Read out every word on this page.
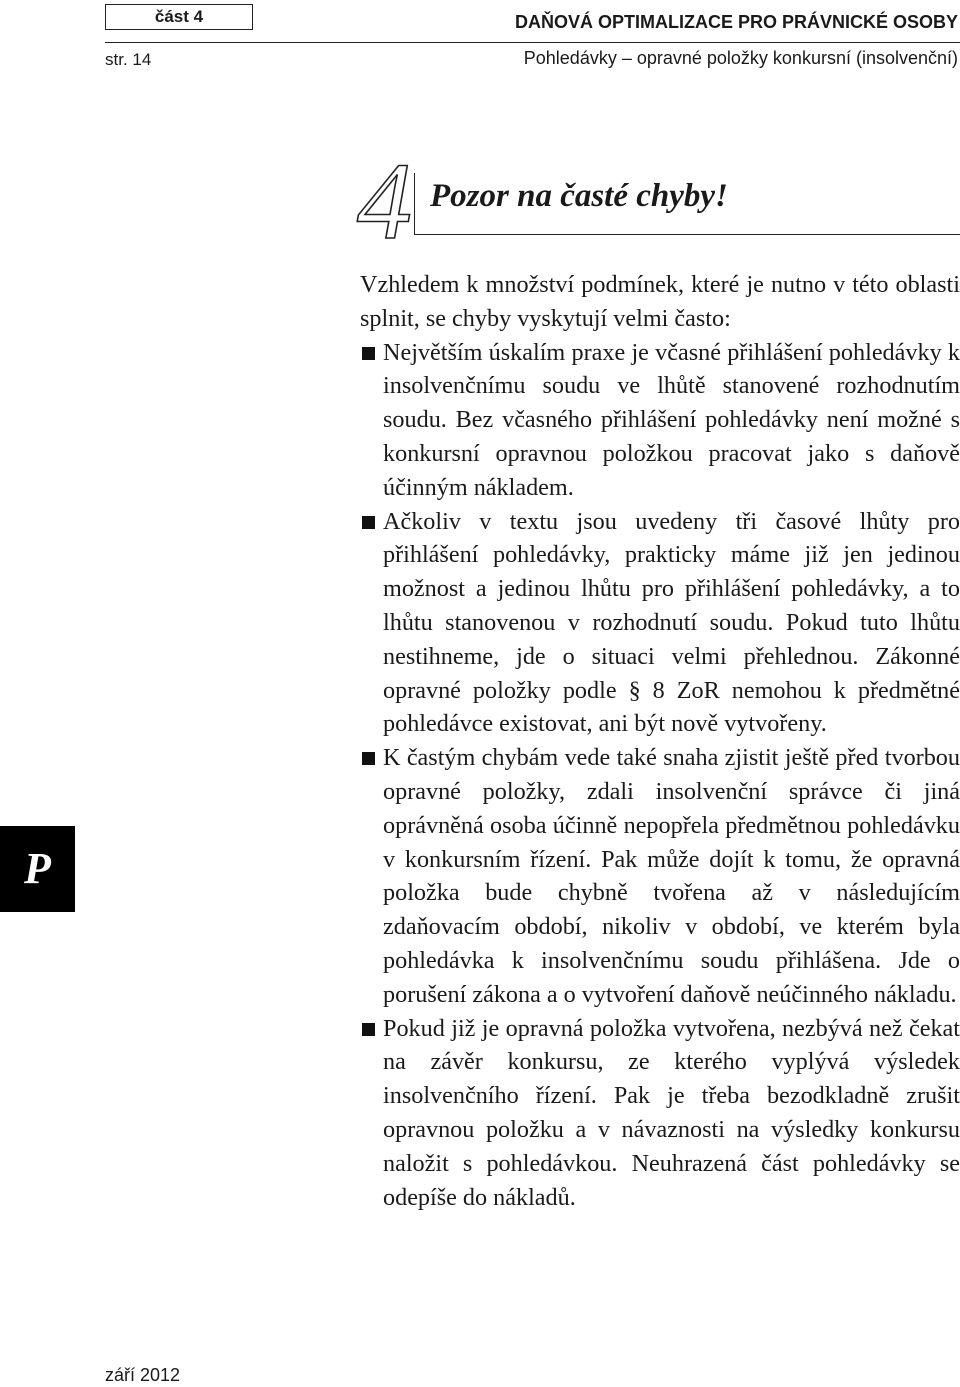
část 4
str. 14
DAŇOVÁ OPTIMALIZACE PRO PRÁVNICKÉ OSOBY
Pohledávky – opravné položky konkursní (insolvenční)
4 Pozor na časté chyby!

Vzhledem k množství podmínek, které je nutno v této oblasti splnit, se chyby vyskytují velmi často:

Největším úskalím praxe je včasné přihlášení pohledávky k insolvenčnímu soudu ve lhůtě stanovené rozhodnutím soudu. Bez včasného přihlášení pohledávky není možné s konkursní opravnou položkou pracovat jako s daňově účinným nákladem.

Ačkoliv v textu jsou uvedeny tři časové lhůty pro přihlášení pohledávky, prakticky máme již jen jedinou možnost a jedinou lhůtu pro přihlášení pohledávky, a to lhůtu stanovenou v rozhodnutí soudu. Pokud tuto lhůtu nestihneme, jde o situaci velmi přehlednou. Zákonné opravné položky podle § 8 ZoR nemohou k předmětné pohledávce existovat, ani být nově vytvořeny.

K častým chybám vede také snaha zjistit ještě před tvorbou opravné položky, zdali insolvenční správce či jiná oprávněná osoba účinně nepopřela předmětnou pohledávku v konkursním řízení. Pak může dojít k tomu, že opravná položka bude chybně tvořena až v následujícím zdaňovacím období, nikoliv v období, ve kterém byla pohledávka k insolvenčnímu soudu přihlášena. Jde o porušení zákona a o vytvoření daňově neúčinného nákladu.

Pokud již je opravná položka vytvořena, nezbývá než čekat na závěr konkursu, ze kterého vyplývá výsledek insolvenčního řízení. Pak je třeba bezodkladně zrušit opravnou položku a v návaznosti na výsledky konkursu naložit s pohledávkou. Neuhrazená část pohledávky se odepíše do nákladů.

P
září 2012
